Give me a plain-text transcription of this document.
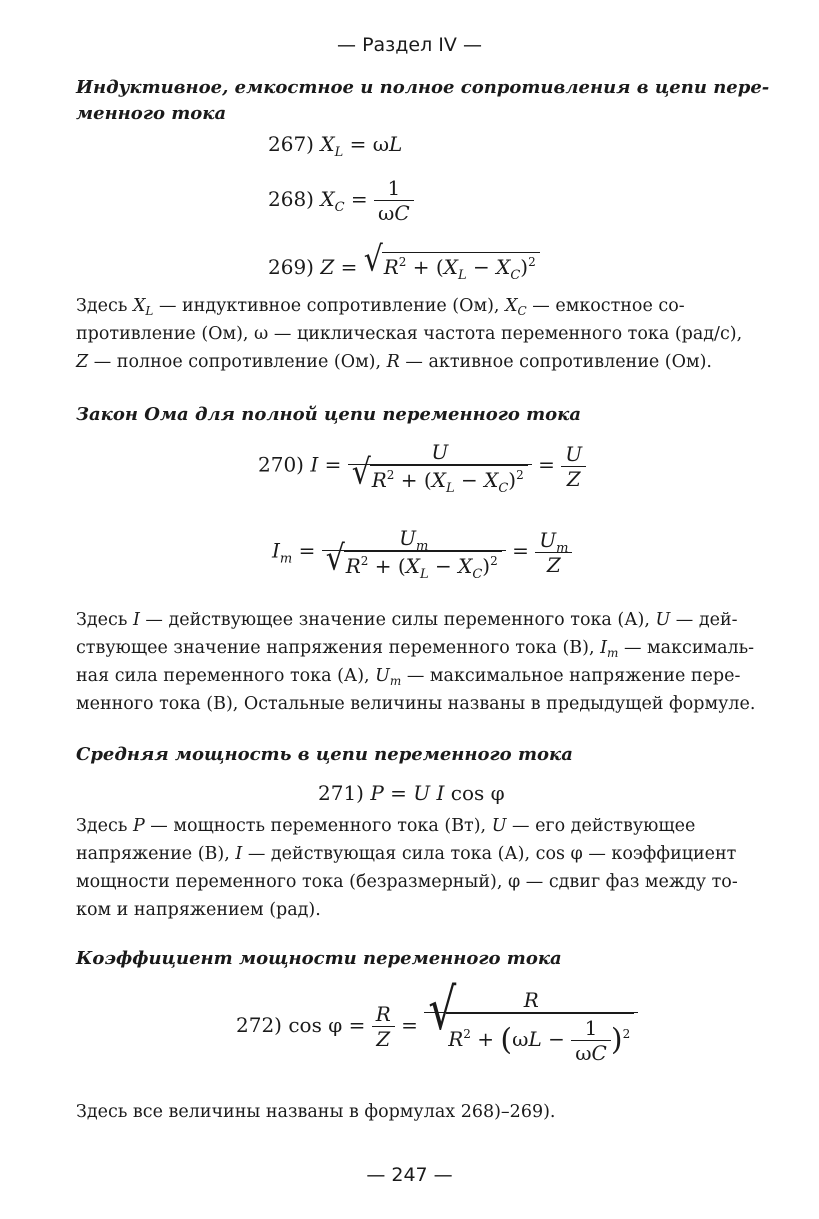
— Раздел IV —
Индуктивное, емкостное и полное сопротивления в цепи пере-
менного тока
267) $X_L = \omega L$
268) $X_C = \frac{1}{\omega C}$
269) Z = √ $R^2 + (X_L - X_C)^2$
Здесь $X_L$ — индуктивное сопротивление (Ом), $X_C$ — емкостное со-
противление (Ом), ω — циклическая частота переменного тока (рад/с),
Z — полное сопротивление (Ом), R — активное сопротивление (Ом).
Закон Ома для полной цепи переменного тока
270) I = U
√ $R^2 + (X_L - X_C)^2 = \frac{U}{Z}$
$I_m = U_m$
√ $R^2 + (X_L - X_C)^2 = \frac{U_m}{Z}$
Здесь I — действующее значение силы переменного тока (А), U — дей-
ствующее значение напряжения переменного тока (В), $I_m$ — максималь-
ная сила переменного тока (А), $U_m$ — максимальное напряжение пере-
менного тока (В), Остальные величины названы в предыдущей формуле.
Средняя мощность в цепи переменного тока
271) P = U I cos φ
Здесь P — мощность переменного тока (Вт), U — его действующее
напряжение (В), I — действующая сила тока (А), cos φ — коэффициент
мощности переменного тока (безразмерный), φ — сдвиг фаз между то-
ком и напряжением (рад).
Коэффициент мощности переменного тока
272) $\cos \varphi = \frac{R}{Z} = R$
√ $R^2 + (\omega L - \frac{1}{\omega C} )^2$
Здесь все величины названы в формулах 268)–269).
— 247 —
